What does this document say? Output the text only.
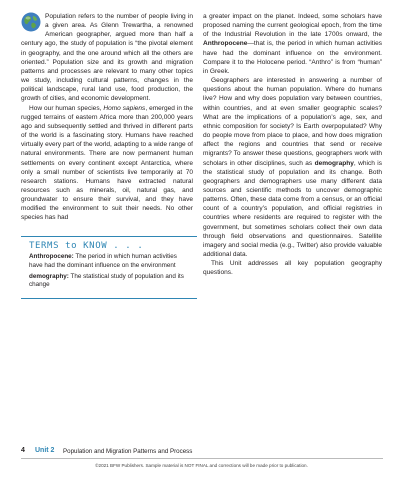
Population refers to the number of people living in a given area. As Glenn Trewartha, a renowned American geographer, argued more than half a century ago, the study of population is “the pivotal element in geography, and the one around which all the others are oriented.” Population size and its growth and migration patterns and processes are relevant to many other topics we study, including cultural patterns, changes in the political landscape, rural land use, food production, the growth of cities, and economic development.

How our human species, Homo sapiens, emerged in the rugged terrains of eastern Africa more than 200,000 years ago and subsequently settled and thrived in different parts of the world is a fascinating story. Humans have reached virtually every part of the world, adapting to a wide range of natural environments. There are now permanent human settlements on every continent except Antarctica, where only a small number of scientists live temporarily at 70 research stations. Humans have extracted natural resources such as minerals, oil, natural gas, and groundwater to ensure their survival, and they have modified the environment to suit their needs. No other species has had

a greater impact on the planet. Indeed, some scholars have proposed naming the current geological epoch, from the time of the Industrial Revolution in the late 1700s onward, the Anthropocene—that is, the period in which human activities have had the dominant influence on the environment. Compare it to the Holocene period. “Anthro” is from “human” in Greek.

Geographers are interested in answering a number of questions about the human population. Where do humans live? How and why does population vary between countries, within countries, and at even smaller geographic scales? What are the implications of a population’s age, sex, and ethnic composition for society? Is Earth overpopulated? Why do people move from place to place, and how does migration affect the regions and countries that send or receive migrants? To answer these questions, geographers work with scholars in other disciplines, such as demography, which is the statistical study of population and its change. Both geographers and demographers use many different data sources and scientific methods to uncover demographic patterns. Often, these data come from a census, or an official count of a country’s population, and official registries in countries where residents are required to register with the government, but sometimes scholars collect their own data through field observations and questionnaires. Satellite imagery and social media (e.g., Twitter) also provide valuable additional data.

This Unit addresses all key population geography questions.

TERMS to KNOW . . .
Anthropocene: The period in which human activities have had the dominant influence on the environment
demography: The statistical study of population and its change
4 Unit 2 Population and Migration Patterns and Process
©2021 BFW Publishers. Sample material is NOT FINAL and corrections will be made prior to publication.
